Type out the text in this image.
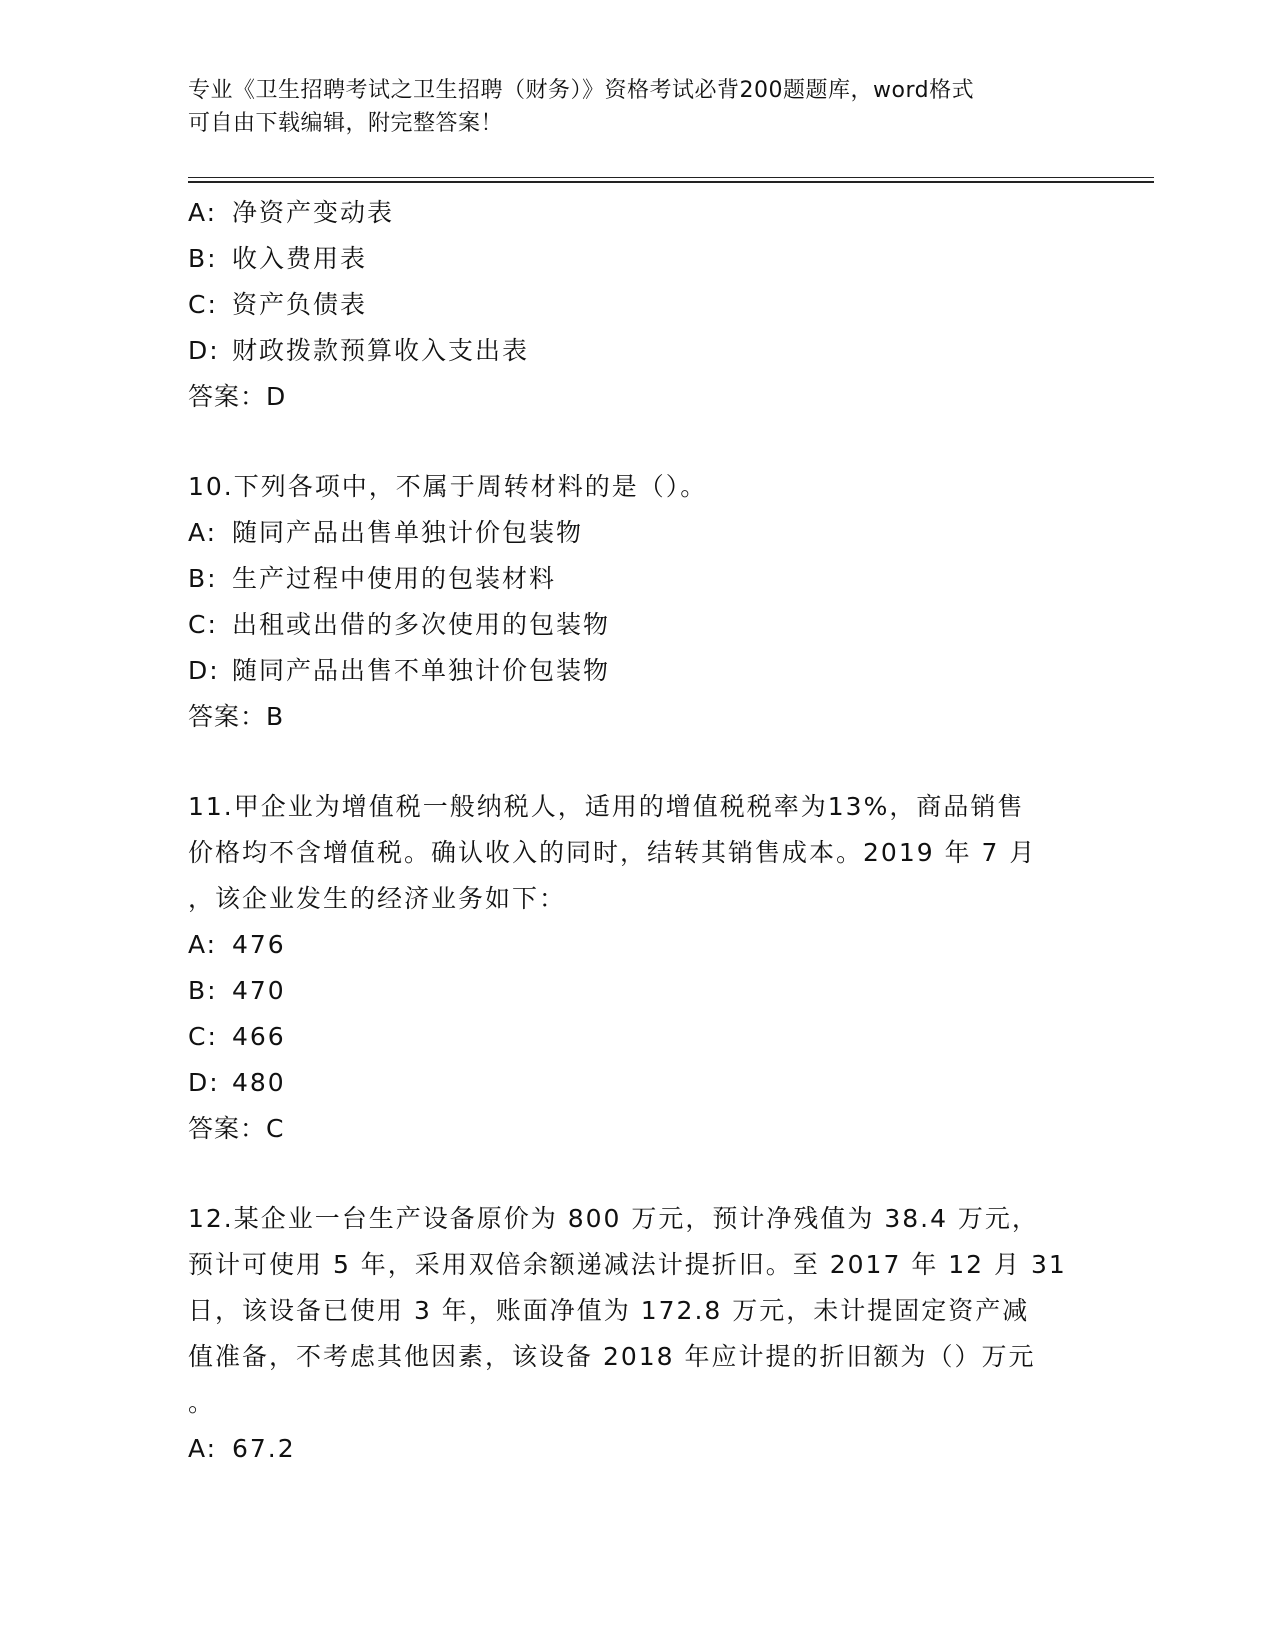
专业《卫生招聘考试之卫生招聘（财务）》资格考试必背200题题库，word格式
可自由下载编辑，附完整答案！
A: 净资产变动表
B: 收入费用表
C: 资产负债表
D: 财政拨款预算收入支出表
答案：D
10.下列各项中，不属于周转材料的是（）。
A: 随同产品出售单独计价包装物
B: 生产过程中使用的包装材料
C: 出租或出借的多次使用的包装物
D: 随同产品出售不单独计价包装物
答案：B
11.甲企业为增值税一般纳税人，适用的增值税税率为13%，商品销售
价格均不含增值税。确认收入的同时，结转其销售成本。2019 年 7 月
，该企业发生的经济业务如下：
A: 476
B: 470
C: 466
D: 480
答案：C
12.某企业一台生产设备原价为 800 万元，预计净残值为 38.4 万元，
预计可使用 5 年，采用双倍余额递减法计提折旧。至 2017 年 12 月 31
日，该设备已使用 3 年，账面净值为 172.8 万元，未计提固定资产减
值准备，不考虑其他因素，该设备 2018 年应计提的折旧额为（）万元
。
A: 67.2
